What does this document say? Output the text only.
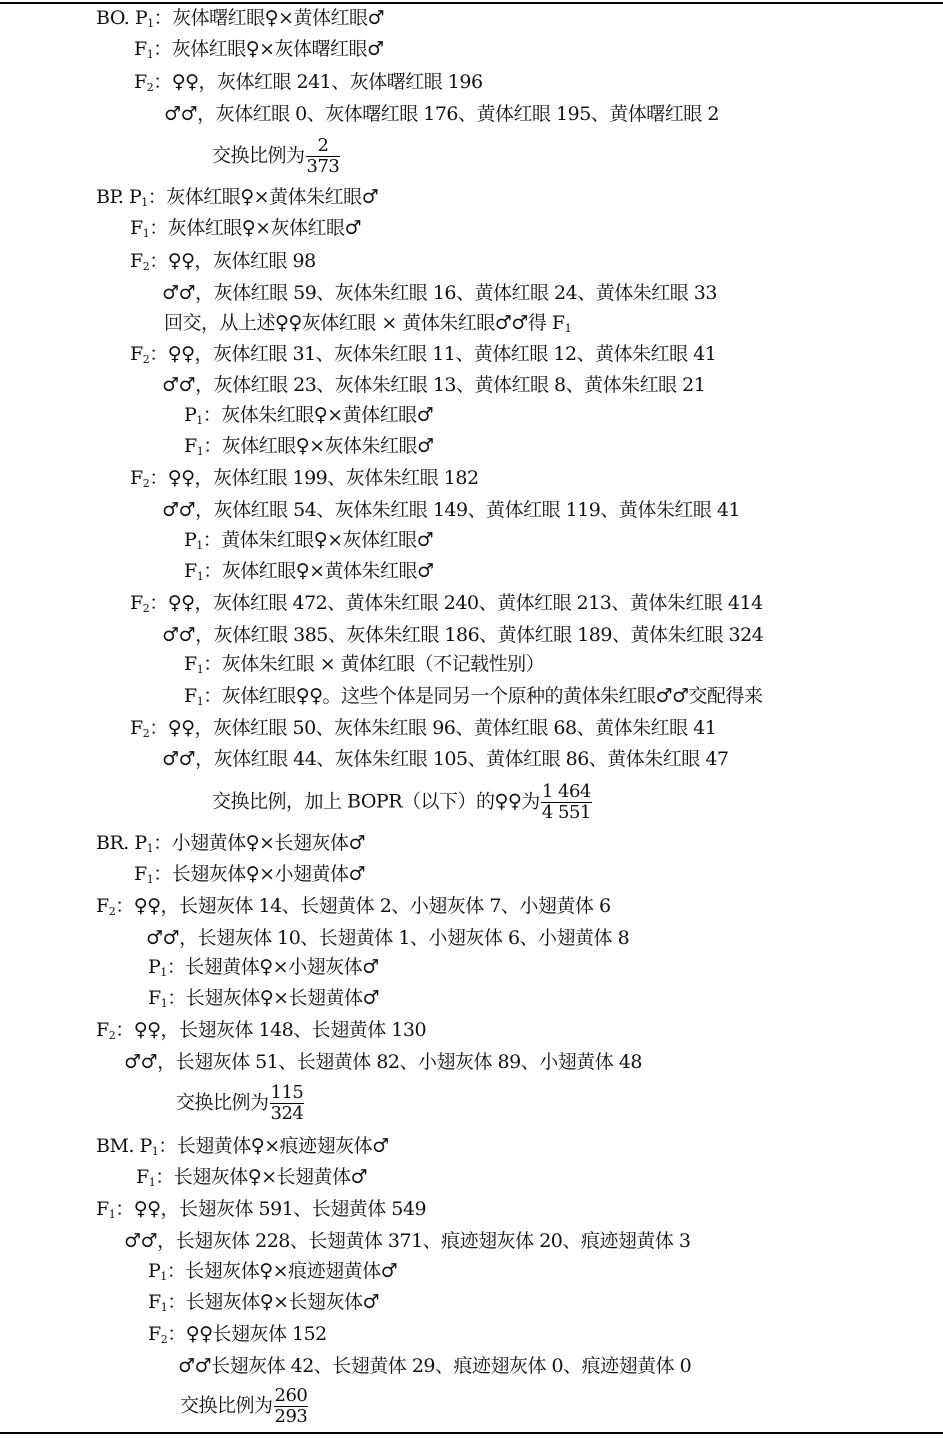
BO. $P_1$：灰体曙红眼♀×黄体红眼♂
$F_1$：灰体红眼♀×灰体曙红眼♂
$F_2$：♀♀，灰体红眼 241、灰体曙红眼 196
♂♂，灰体红眼 0、灰体曙红眼 176、黄体红眼 195、黄体曙红眼 2
交换比例为 $\frac{2}{373}$
BP. $P_1$：灰体红眼♀×黄体朱红眼♂
$F_1$：灰体红眼♀×灰体红眼♂
$F_2$：♀♀，灰体红眼 98
♂♂，灰体红眼 59、灰体朱红眼 16、黄体红眼 24、黄体朱红眼 33
回交，从上述♀♀灰体红眼 × 黄体朱红眼♂♂得 $F_1$
$F_2$：♀♀，灰体红眼 31、灰体朱红眼 11、黄体红眼 12、黄体朱红眼 41
♂♂，灰体红眼 23、灰体朱红眼 13、黄体红眼 8、黄体朱红眼 21
$P_1$：灰体朱红眼♀×黄体红眼♂
$F_1$：灰体红眼♀×灰体朱红眼♂
$F_2$：♀♀，灰体红眼 199、灰体朱红眼 182
♂♂，灰体红眼 54、灰体朱红眼 149、黄体红眼 119、黄体朱红眼 41
$P_1$：黄体朱红眼♀×灰体红眼♂
$F_1$：灰体红眼♀×黄体朱红眼♂
$F_2$：♀♀，灰体红眼 472、黄体朱红眼 240、黄体红眼 213、黄体朱红眼 414
♂♂，灰体红眼 385、灰体朱红眼 186、黄体红眼 189、黄体朱红眼 324
$F_1$：灰体朱红眼 × 黄体红眼（不记载性别）
$F_1$：灰体红眼♀♀。这些个体是同另一个原种的黄体朱红眼♂♂交配得来
$F_2$：♀♀，灰体红眼 50、灰体朱红眼 96、黄体红眼 68、黄体朱红眼 41
♂♂，灰体红眼 44、灰体朱红眼 105、黄体红眼 86、黄体朱红眼 47
交换比例，加上 BOPR（以下）的♀♀为 $\frac{1 464}{4 551}$
BR. $P_1$：小翅黄体♀×长翅灰体♂
$F_1$：长翅灰体♀×小翅黄体♂
$F_2$：♀♀，长翅灰体 14、长翅黄体 2、小翅灰体 7、小翅黄体 6
♂♂，长翅灰体 10、长翅黄体 1、小翅灰体 6、小翅黄体 8
$P_1$：长翅黄体♀×小翅灰体♂
$F_1$：长翅灰体♀×长翅黄体♂
$F_2$：♀♀，长翅灰体 148、长翅黄体 130
♂♂，长翅灰体 51、长翅黄体 82、小翅灰体 89、小翅黄体 48
交换比例为 $\frac{115}{324}$
BM. $P_1$：长翅黄体♀×痕迹翅灰体♂
$F_1$：长翅灰体♀×长翅黄体♂
$F_1$：♀♀，长翅灰体 591、长翅黄体 549
♂♂，长翅灰体 228、长翅黄体 371、痕迹翅灰体 20、痕迹翅黄体 3
$P_1$：长翅灰体♀×痕迹翅黄体♂
$F_1$：长翅灰体♀×长翅灰体♂
$F_2$：♀♀长翅灰体 152
♂♂长翅灰体 42、长翅黄体 29、痕迹翅灰体 0、痕迹翅黄体 0
交换比例为 $\frac{260}{293}$
